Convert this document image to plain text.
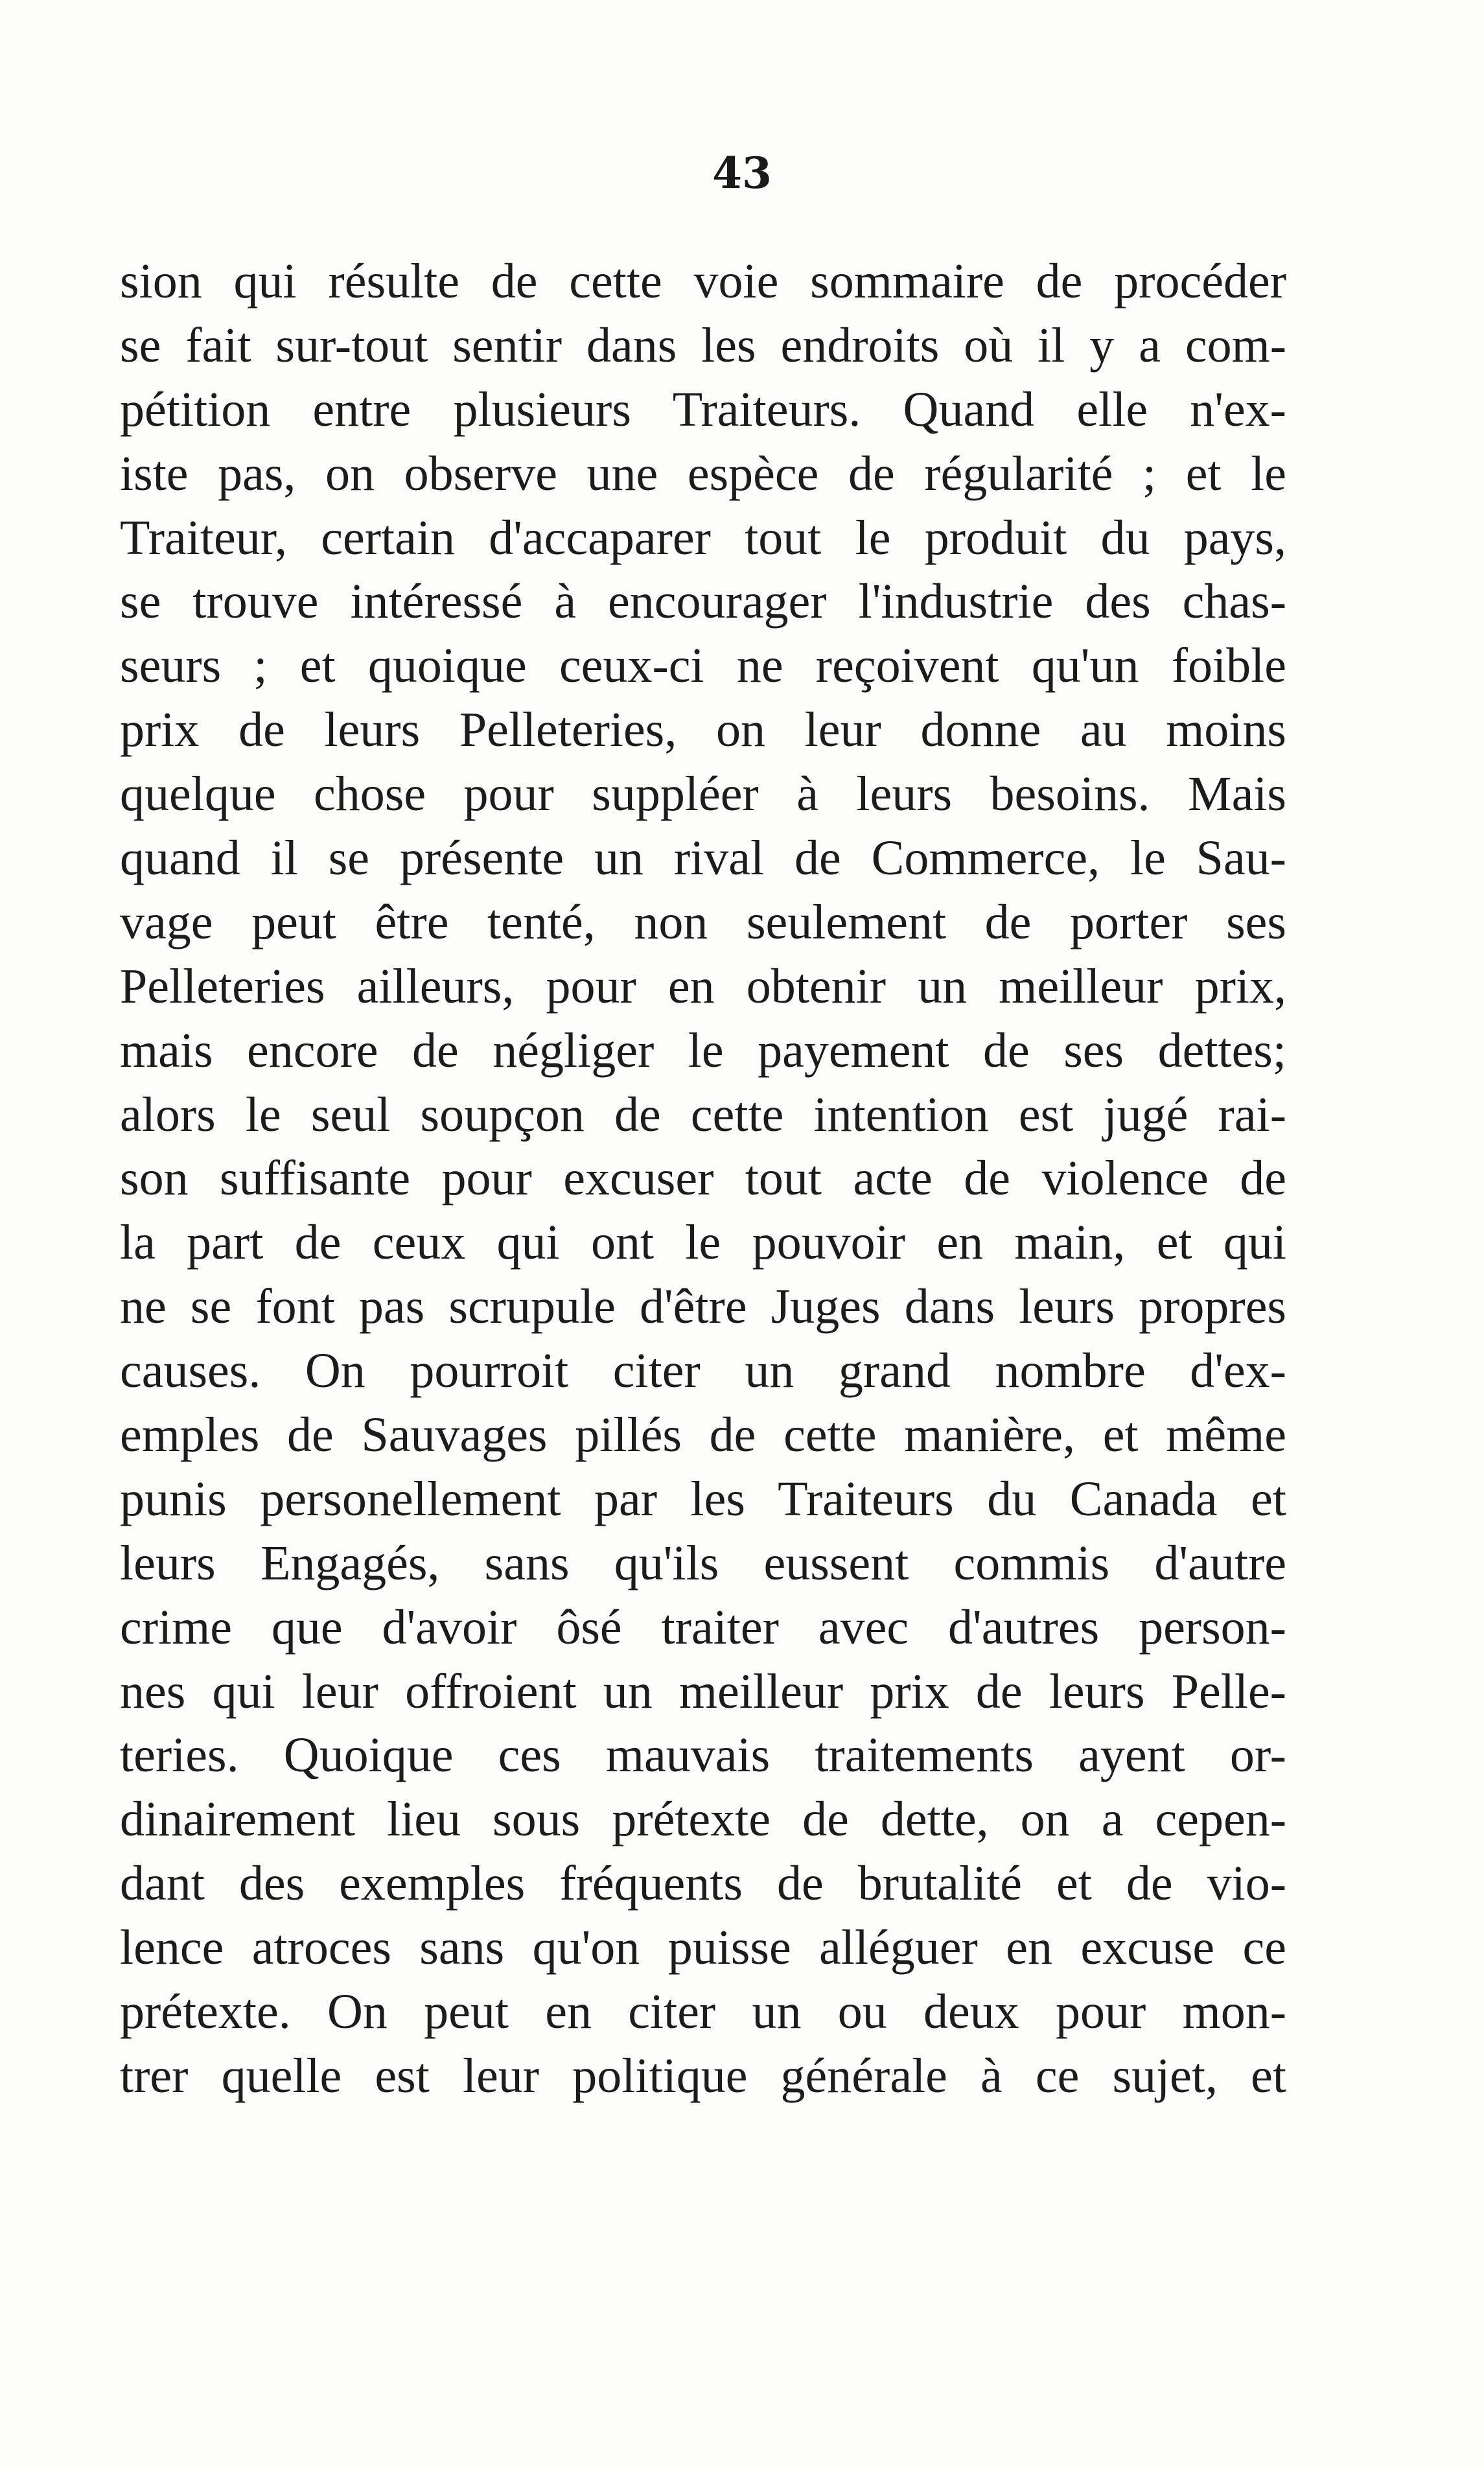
43
sion qui résulte de cette voie sommaire de procéder
se fait sur-tout sentir dans les endroits où il y a com-
pétition entre plusieurs Traiteurs. Quand elle n'ex-
iste pas, on observe une espèce de régularité ; et le
Traiteur, certain d'accaparer tout le produit du pays,
se trouve intéressé à encourager l'industrie des chas-
seurs ; et quoique ceux-ci ne reçoivent qu'un foible
prix de leurs Pelleteries, on leur donne au moins
quelque chose pour suppléer à leurs besoins. Mais
quand il se présente un rival de Commerce, le Sau-
vage peut être tenté, non seulement de porter ses
Pelleteries ailleurs, pour en obtenir un meilleur prix,
mais encore de négliger le payement de ses dettes;
alors le seul soupçon de cette intention est jugé rai-
son suffisante pour excuser tout acte de violence de
la part de ceux qui ont le pouvoir en main, et qui
ne se font pas scrupule d'être Juges dans leurs propres
causes. On pourroit citer un grand nombre d'ex-
emples de Sauvages pillés de cette manière, et même
punis personellement par les Traiteurs du Canada et
leurs Engagés, sans qu'ils eussent commis d'autre
crime que d'avoir ôsé traiter avec d'autres person-
nes qui leur offroient un meilleur prix de leurs Pelle-
teries. Quoique ces mauvais traitements ayent or-
dinairement lieu sous prétexte de dette, on a cepen-
dant des exemples fréquents de brutalité et de vio-
lence atroces sans qu'on puisse alléguer en excuse ce
prétexte. On peut en citer un ou deux pour mon-
trer quelle est leur politique générale à ce sujet, et
